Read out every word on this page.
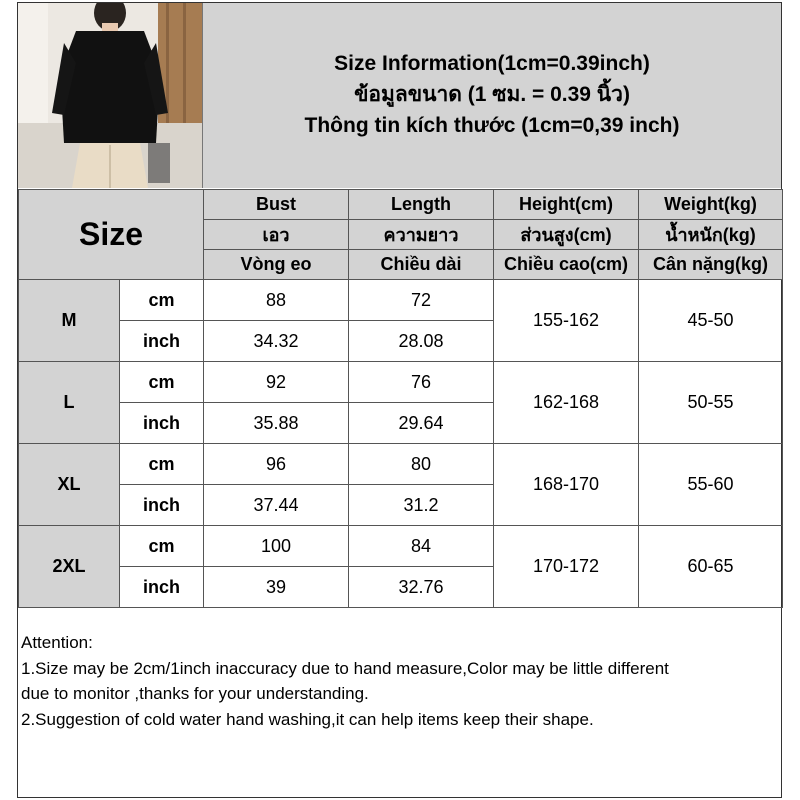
Size Information(1cm=0.39inch)
ข้อมูลขนาด (1 ซม. = 0.39 นิ้ว)
Thông tin kích thước (1cm=0,39 inch)
Size		Bust	Length	Height(cm)	Weight(kg)
		เอว	ความยาว	ส่วนสูง(cm)	น้ำหนัก(kg)
		Vòng eo	Chiều dài	Chiều cao(cm)	Cân nặng(kg)
M	cm	88	72	155-162	45-50
	inch	34.32	28.08		
L	cm	92	76	162-168	50-55
	inch	35.88	29.64		
XL	cm	96	80	168-170	55-60
	inch	37.44	31.2		
2XL	cm	100	84	170-172	60-65
	inch	39	32.76		
Attention:
1.Size may be 2cm/1inch inaccuracy due to hand measure,Color may be little different
due to monitor ,thanks for your understanding.
2.Suggestion of cold water hand washing,it can help items keep their shape.
